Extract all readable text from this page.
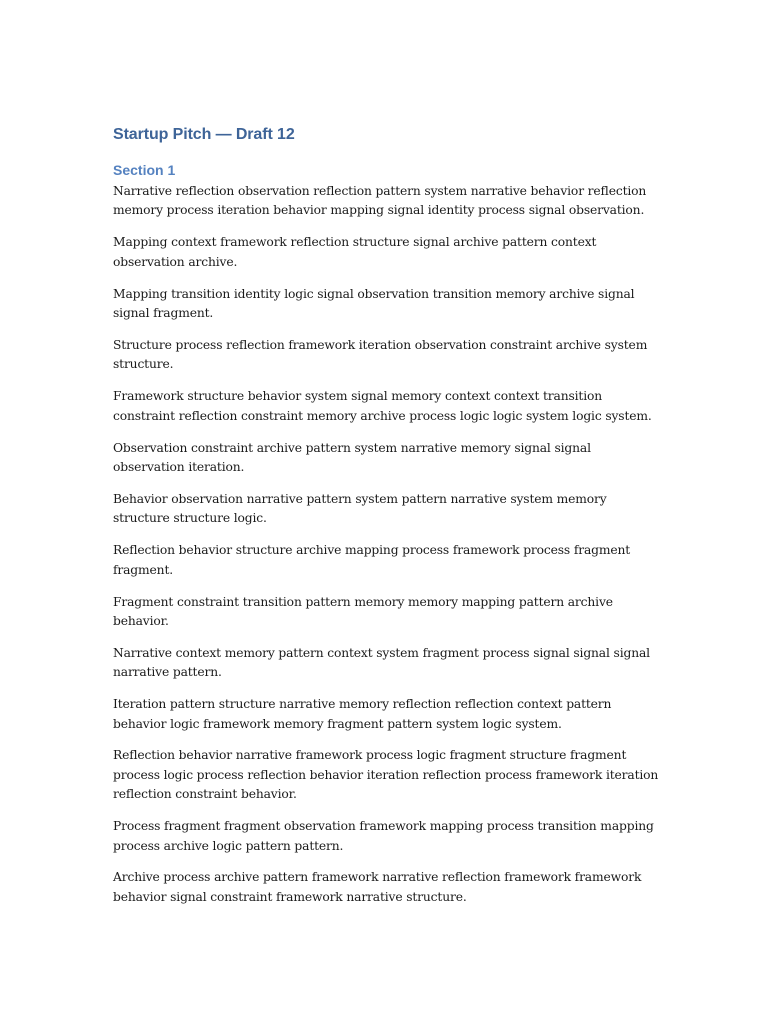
Startup Pitch — Draft 12
Section 1

Narrative reflection observation reflection pattern system narrative behavior reflection memory process iteration behavior mapping signal identity process signal observation.

Mapping context framework reflection structure signal archive pattern context observation archive.

Mapping transition identity logic signal observation transition memory archive signal signal fragment.

Structure process reflection framework iteration observation constraint archive system structure.

Framework structure behavior system signal memory context context transition constraint reflection constraint memory archive process logic logic system logic system.

Observation constraint archive pattern system narrative memory signal signal observation iteration.

Behavior observation narrative pattern system pattern narrative system memory structure structure logic.

Reflection behavior structure archive mapping process framework process fragment fragment.

Fragment constraint transition pattern memory memory mapping pattern archive behavior.

Narrative context memory pattern context system fragment process signal signal signal narrative pattern.

Iteration pattern structure narrative memory reflection reflection context pattern behavior logic framework memory fragment pattern system logic system.

Reflection behavior narrative framework process logic fragment structure fragment process logic process reflection behavior iteration reflection process framework iteration reflection constraint behavior.

Process fragment fragment observation framework mapping process transition mapping process archive logic pattern pattern.

Archive process archive pattern framework narrative reflection framework framework behavior signal constraint framework narrative structure.
